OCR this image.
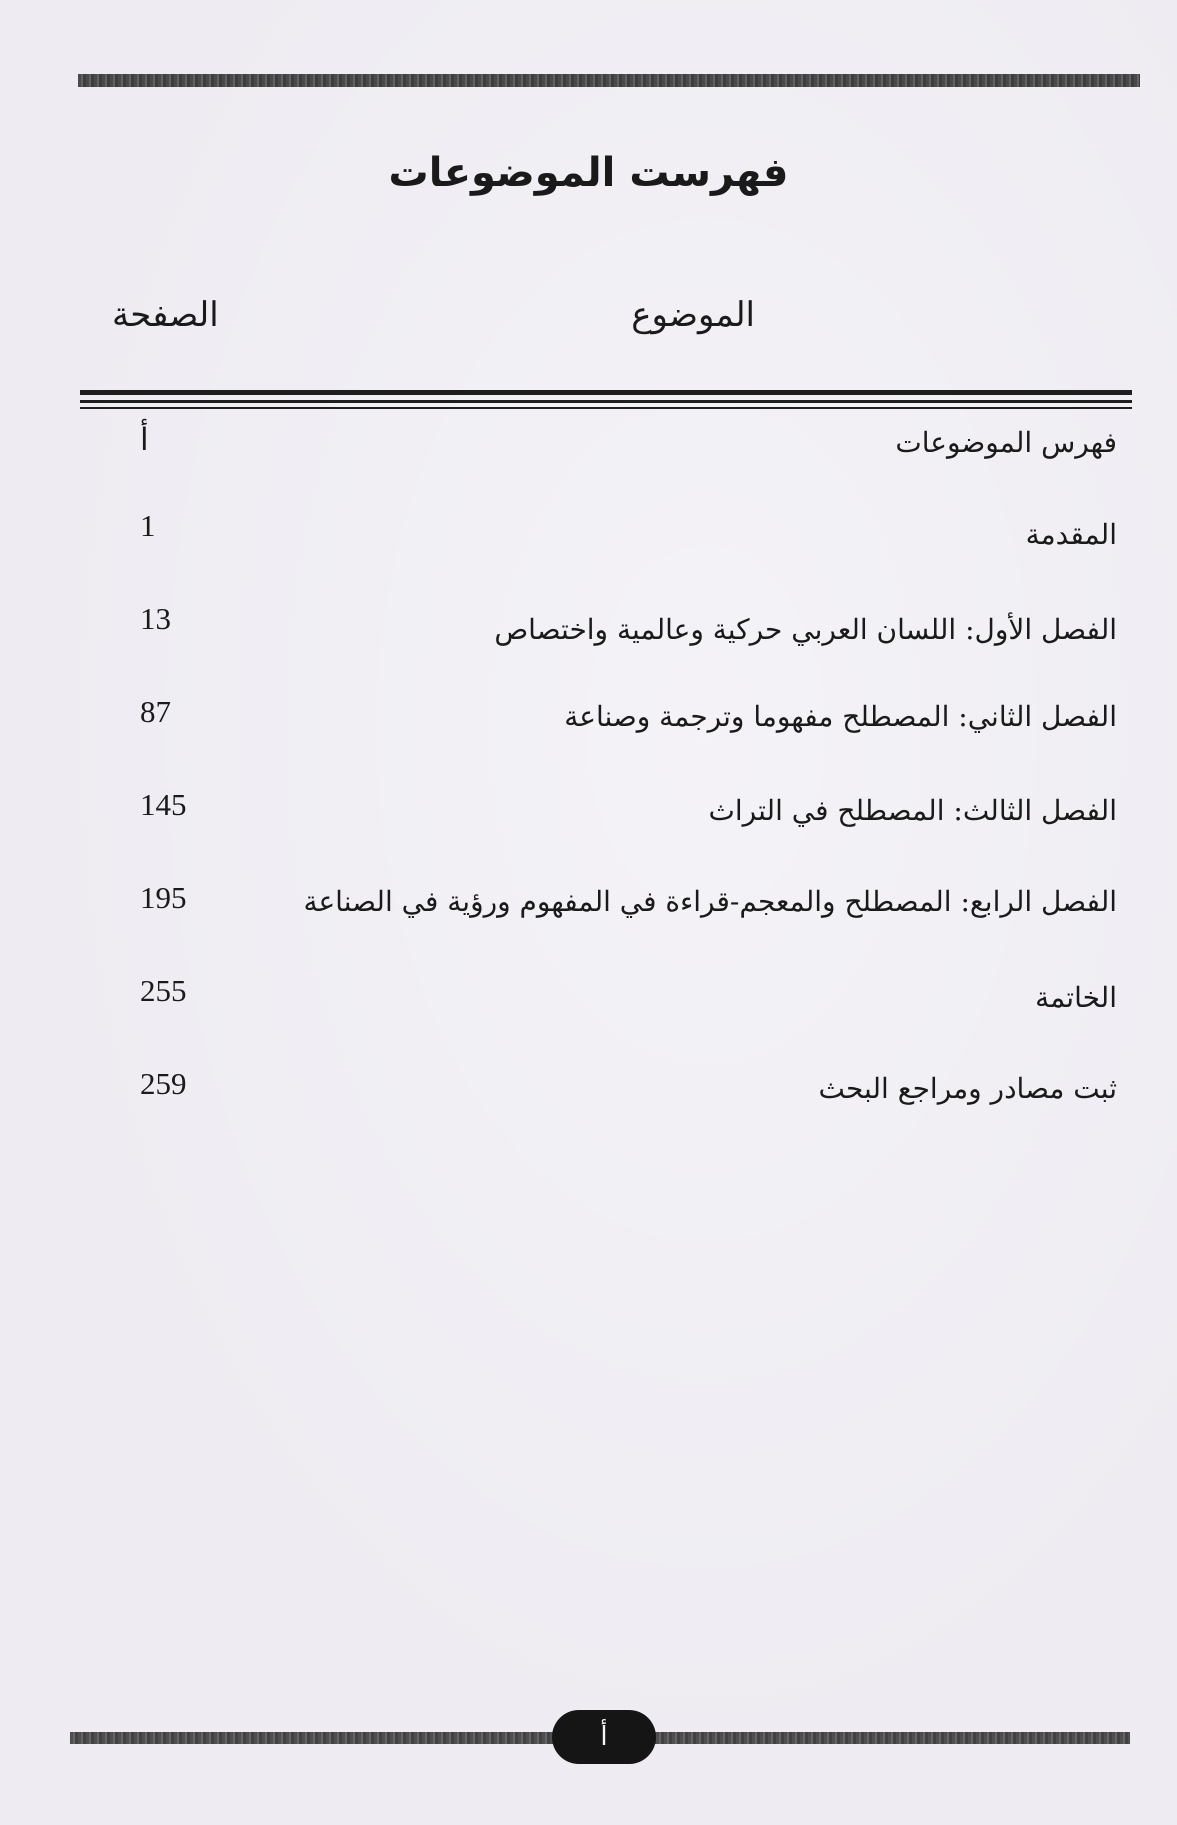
فهرست الموضوعات
الموضوع
الصفحة
فهرس الموضوعات
أ
المقدمة
1
الفصل الأول: اللسان العربي حركية وعالمية واختصاص
13
الفصل الثاني: المصطلح مفهوما وترجمة وصناعة
87
الفصل الثالث: المصطلح في التراث
145
الفصل الرابع: المصطلح والمعجم-قراءة في المفهوم ورؤية في الصناعة
195
الخاتمة
255
ثبت مصادر ومراجع البحث
259
أ
